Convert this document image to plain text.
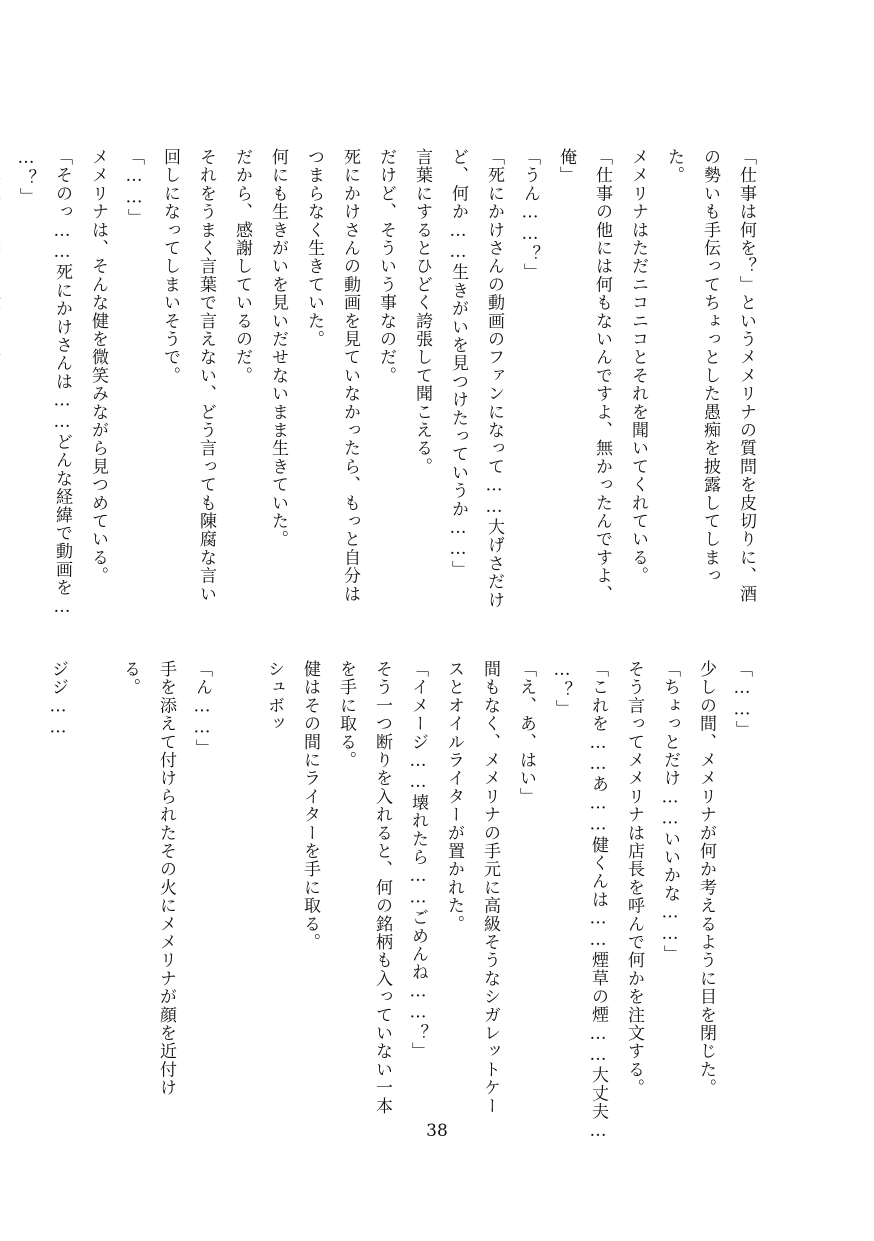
「仕事は何を？」というメメリナの質問を皮切りに、酒

の勢いも手伝ってちょっとした愚痴を披露してしまっ

た。

メメリナはただニコニコとそれを聞いてくれている。

「仕事の他には何もないんですよ、無かったんですよ、

俺」

「うん……？」

「死にかけさんの動画のファンになって……大げさだけ

ど、何か……生きがいを見つけたっていうか……」

言葉にするとひどく誇張して聞こえる。

だけど、そういう事なのだ。

死にかけさんの動画を見ていなかったら、もっと自分は

つまらなく生きていた。

何にも生きがいを見いだせないまま生きていた。

だから、感謝しているのだ。

それをうまく言葉で言えない、どう言っても陳腐な言い

回しになってしまいそうで。

「……」

メメリナは、そんな健を微笑みながら見つめている。

「そのっ……死にかけさんは……どんな経緯で動画を…

…？」

「……」

少しの間、メメリナが何か考えるように目を閉じた。

「ちょっとだけ……いいかな……」

そう言ってメメリナは店長を呼んで何かを注文する。

「これを……あ……健くんは……煙草の煙……大丈夫…

…？」

「え、あ、はい」

間もなく、メメリナの手元に高級そうなシガレットケー

スとオイルライターが置かれた。

「イメージ……壊れたら……ごめんね……？」

そう一つ断りを入れると、何の銘柄も入っていない一本

を手に取る。

健はその間にライターを手に取る。

シュボッ

「ん……」

手を添えて付けられたその火にメメリナが顔を近付け

る。

ジジ……

38
